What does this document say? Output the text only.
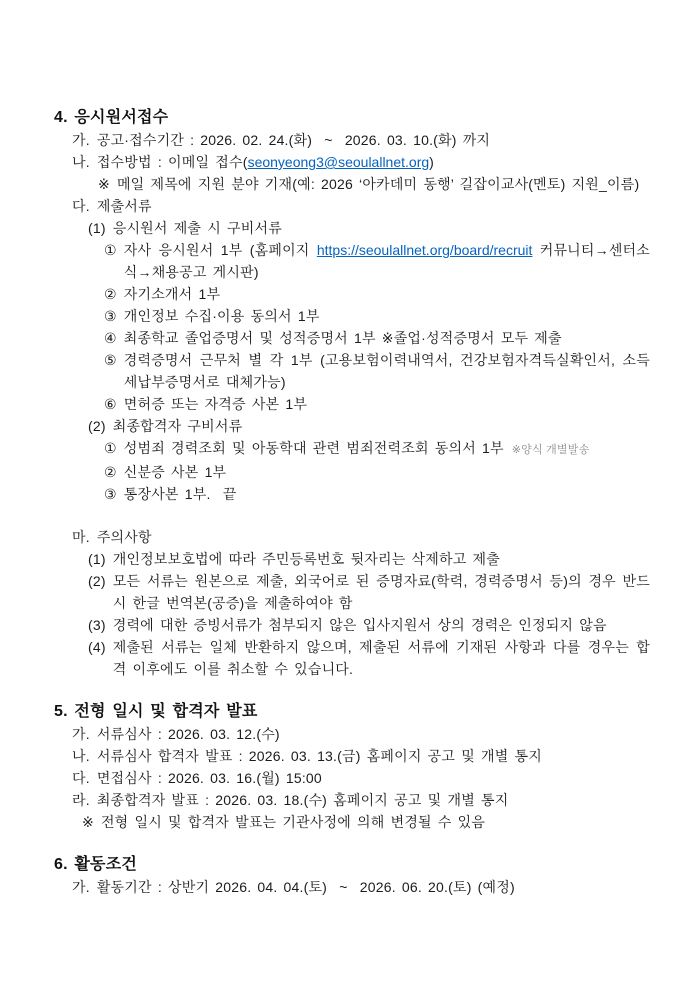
4. 응시원서접수
가. 공고·접수기간 : 2026. 02. 24.(화)  ~  2026. 03. 10.(화) 까지
나. 접수방법 : 이메일 접수(seonyeong3@seoulallnet.org)
※ 메일 제목에 지원 분야 기재(예: 2026 ‘아카데미 동행’ 길잡이교사(멘토) 지원_이름)
다. 제출서류
(1) 응시원서 제출 시 구비서류
① 자사 응시원서 1부 (홈페이지 https://seoulallnet.org/board/recruit 커뮤니티→센터소식→채용공고 게시판)
② 자기소개서 1부
③ 개인정보 수집·이용 동의서 1부
④ 최종학교 졸업증명서 및 성적증명서 1부 ※졸업·성적증명서 모두 제출
⑤ 경력증명서 근무처 별 각 1부 (고용보험이력내역서, 건강보험자격득실확인서, 소득세납부증명서로 대체가능)
⑥ 면허증 또는 자격증 사본 1부
(2) 최종합격자 구비서류
① 성범죄 경력조회 및 아동학대 관련 범죄전력조회 동의서 1부 ※양식 개별발송
② 신분증 사본 1부
③ 통장사본 1부.  끝
마. 주의사항
(1) 개인정보보호법에 따라 주민등록번호 뒷자리는 삭제하고 제출
(2) 모든 서류는 원본으로 제출, 외국어로 된 증명자료(학력, 경력증명서 등)의 경우 반드시 한글 번역본(공증)을 제출하여야 함
(3) 경력에 대한 증빙서류가 첨부되지 않은 입사지원서 상의 경력은 인정되지 않음
(4) 제출된 서류는 일체 반환하지 않으며, 제출된 서류에 기재된 사항과 다를 경우는 합격 이후에도 이를 취소할 수 있습니다.
5. 전형 일시 및 합격자 발표
가. 서류심사 : 2026. 03. 12.(수)
나. 서류심사 합격자 발표 : 2026. 03. 13.(금) 홈페이지 공고 및 개별 통지
다. 면접심사 : 2026. 03. 16.(월) 15:00
라. 최종합격자 발표 : 2026. 03. 18.(수) 홈페이지 공고 및 개별 통지
※ 전형 일시 및 합격자 발표는 기관사정에 의해 변경될 수 있음
6. 활동조건
가. 활동기간 : 상반기 2026. 04. 04.(토)  ~  2026. 06. 20.(토) (예정)
